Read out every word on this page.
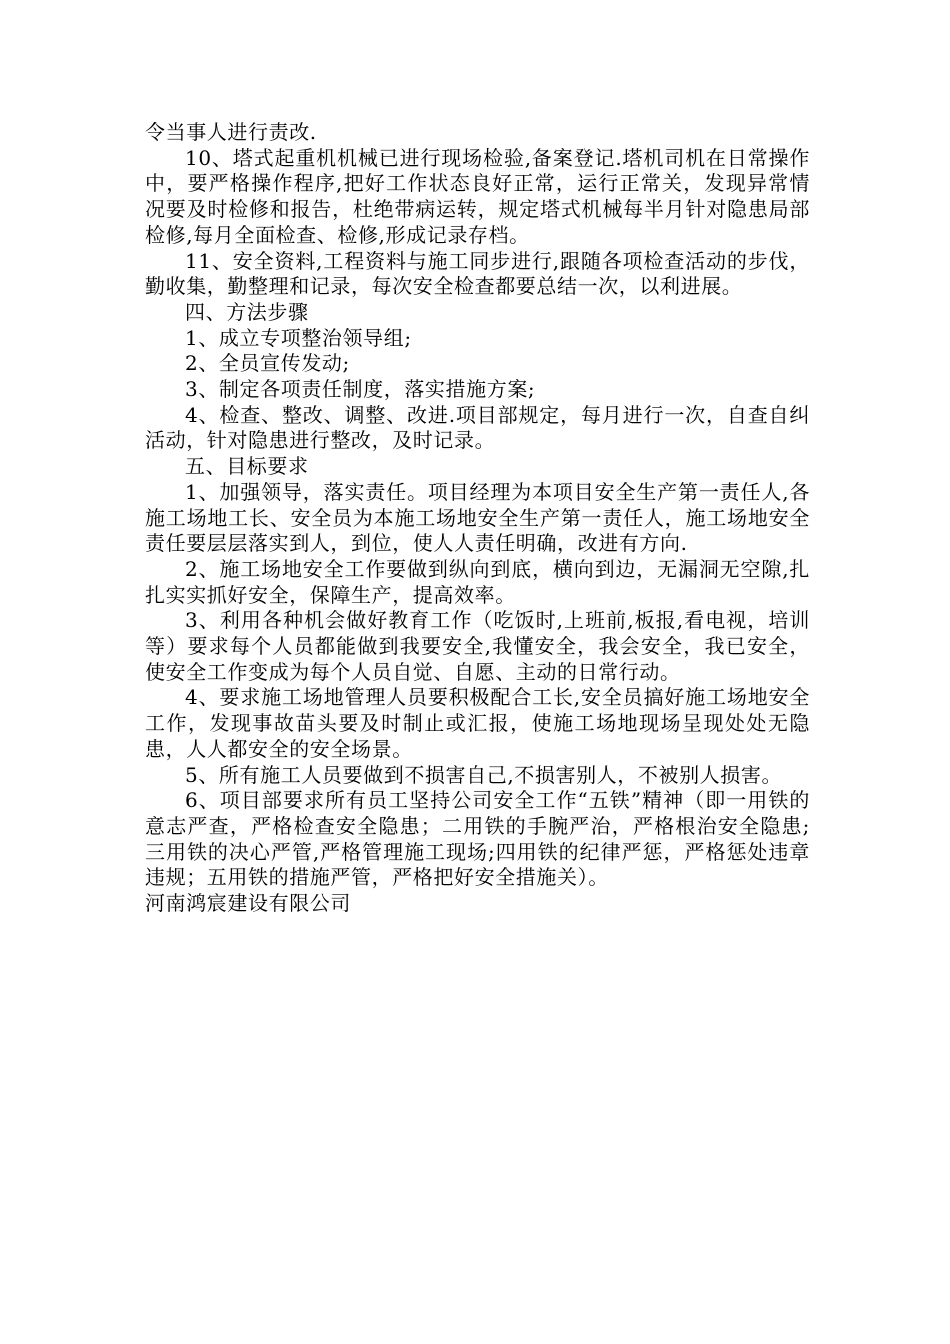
令当事人进行责改.

10、塔式起重机机械已进行现场检验,备案登记.塔机司机在日常操作中，要严格操作程序,把好工作状态良好正常，运行正常关，发现异常情况要及时检修和报告，杜绝带病运转，规定塔式机械每半月针对隐患局部检修,每月全面检查、检修,形成记录存档。

11、安全资料,工程资料与施工同步进行,跟随各项检查活动的步伐，勤收集，勤整理和记录，每次安全检查都要总结一次，以利进展。

四、方法步骤

1、成立专项整治领导组;

2、全员宣传发动;

3、制定各项责任制度，落实措施方案;

4、检查、整改、调整、改进.项目部规定，每月进行一次，自查自纠活动，针对隐患进行整改，及时记录。

五、目标要求

1、加强领导，落实责任。项目经理为本项目安全生产第一责任人,各施工场地工长、安全员为本施工场地安全生产第一责任人，施工场地安全责任要层层落实到人，到位，使人人责任明确，改进有方向.

2、施工场地安全工作要做到纵向到底，横向到边，无漏洞无空隙,扎扎实实抓好安全，保障生产，提高效率。

3、利用各种机会做好教育工作（吃饭时,上班前,板报,看电视，培训等）要求每个人员都能做到我要安全,我懂安全，我会安全，我已安全，使安全工作变成为每个人员自觉、自愿、主动的日常行动。

4、要求施工场地管理人员要积极配合工长,安全员搞好施工场地安全工作，发现事故苗头要及时制止或汇报，使施工场地现场呈现处处无隐患，人人都安全的安全场景。

5、所有施工人员要做到不损害自己,不损害别人，不被别人损害。

6、项目部要求所有员工坚持公司安全工作“五铁”精神（即一用铁的意志严查，严格检查安全隐患；二用铁的手腕严治，严格根治安全隐患;三用铁的决心严管,严格管理施工现场;四用铁的纪律严惩，严格惩处违章违规；五用铁的措施严管，严格把好安全措施关）。

河南鸿宸建设有限公司
